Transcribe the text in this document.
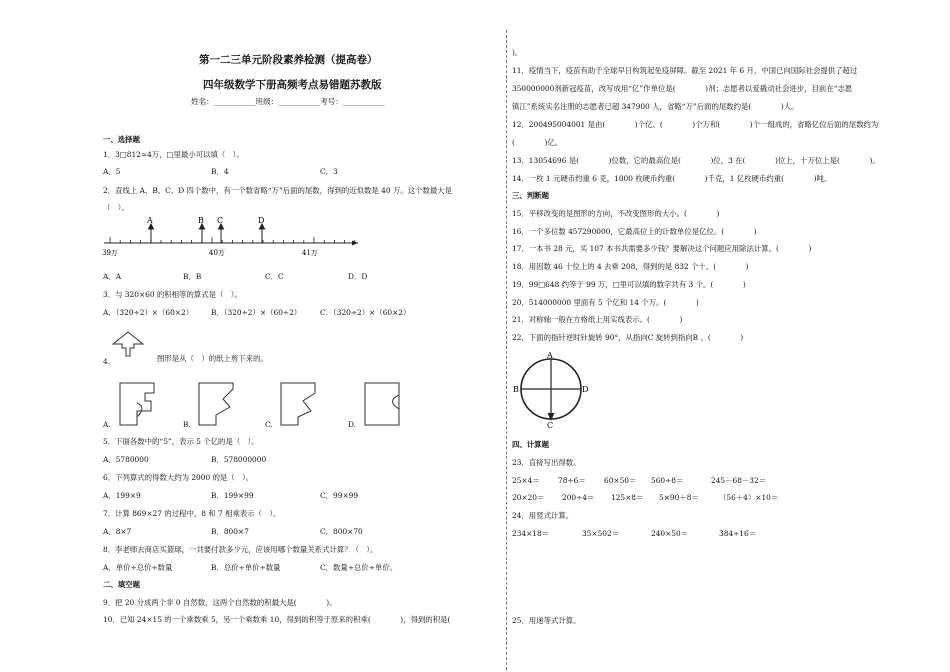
第一二三单元阶段素养检测（提高卷）
四年级数学下册高频考点易错题苏教版
姓名：___________班级：___________考号：___________
一、选择题
1．3□812≈4万，□里最小可以填（　）。
A．5	B．4	C．3
2．直线上 A、B、C、D 四个数中，有一个数省略“万”后面的尾数，得到的近似数是 40 万。这个数最大是
（　）。
A	B C	D
39万	40万	41万
A．A	B．B	C．C	D．D
3．与 320×60 的积相等的算式是（　）。
A．（320÷2）×（60×2） B．（320÷2）×（60÷2）	C．（320÷2）×（60×2）
4.	图形是从（　）的纸上剪下来的。
A.	B.	C.	D.
5．下面各数中的“5”，表示 5 个亿的是（　）。
A．5780000	B．578000000
6．下列算式的得数大约为 2000 的是（　）。
A．199×9	B．199×99	C．99×99
7．计算 869×27 的过程中，8 和 7 相乘表示（　）。
A．8×7	B．800×7	C．800×70
8．李老师去商店买篮球，一共要付款多少元，应该用哪个数量关系式计算？（　）。
A．单价÷总价÷数量	B．总价÷单价÷数量	C．数量÷总价÷单价。
二、填空题
9．把 20 分成两个非 0 自然数，这两个自然数的积最大是(　　　　)。
10．已知 24×15 的一个乘数乘 5，另一个乘数乘 10，得到的积等于原来的积乘(　　　　)，得到的积是(
)。
11．疫情当下，疫苗有助于全球早日构筑起免疫屏障。截至 2021 年 6 月，中国已向国际社会提供了超过
350000000剂新冠疫苗，改写成用“亿”作单位是(　　　　)剂；志愿者以爱撬动社会进步，目前在“志愿
镇江”系统实名注册的志愿者已超 347900 人，省略“万”后面的尾数约是(　　　　)人。
12．200495004001 是由(　　　　)个亿、(　　　　)个万和(　　　　)个一组成的，省略亿位后面的尾数约为
(　　　　)亿。
13．13054696 是(　　　　)位数，它的最高位是(　　　　)位，3 在(　　　　)位上，十万位上是(　　　　)。
14．一枚 1 元硬币约重 6 克，1000 枚硬币约重(　　　　)千克，1 亿枚硬币约重(　　　　)吨。
三、判断题
15．平移改变的是图形的方向，不改变图形的大小。(　　　　)
16．一个多位数 457290000，它最高位上的计数单位是亿位。(　　　　)
17．一本书 28 元，买 107 本书共需要多少钱？要解决这个问题应用除法计算。(　　　　)
18．用因数 46 十位上的 4 去乘 208，得到的是 832 个十。(　　　　)
19．99□648 约等于 99 万，□里可以填的数字共有 3 个。(　　　　)
20．514000000 里面有 5 个亿和 14 个万。(　　　　)
21．对称轴一般在方格纸上用实线表示。(　　　　)
22．下面的指针逆时针旋转 90°，从指向C 旋转到指向B 。(　　　　)
A
B
C
D
四、计算题
23．直接写出得数。
25×4＝ 78÷6＝ 60×50＝ 560÷8＝	245－68－32＝
20×20＝ 200÷4＝ 125×8＝ 5×90＋8＝	（56＋4）×10＝
24．用竖式计算。
234×18＝	35×502＝	240×50＝	384÷16＝
25．用递等式计算。
